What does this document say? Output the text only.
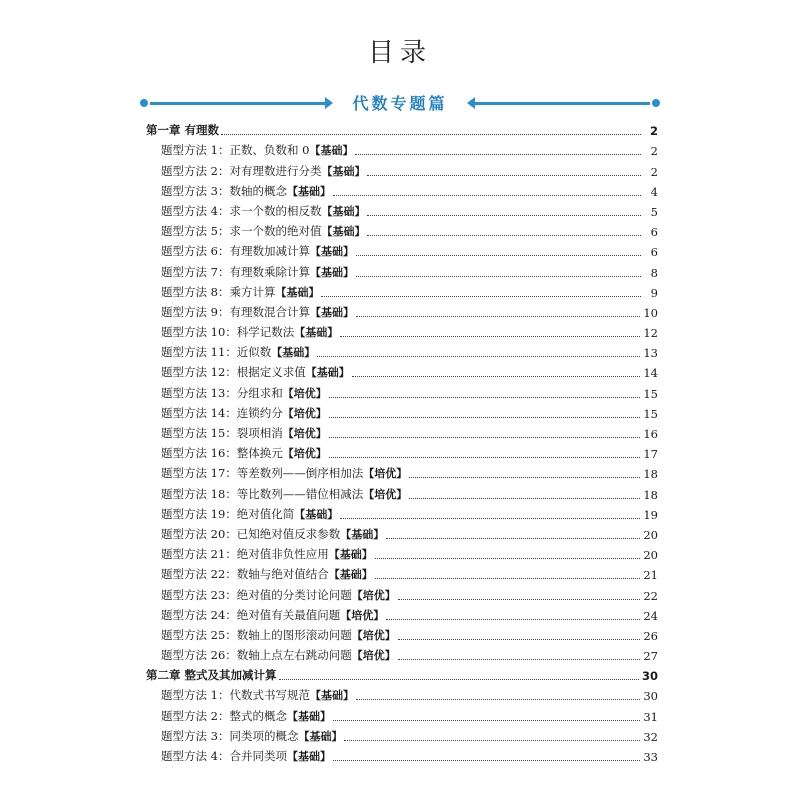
目录
代数专题篇
第一章 有理数	2
题型方法 1：正数、负数和 0 【基础】	2
题型方法 2：对有理数进行分类 【基础】	2
题型方法 3：数轴的概念 【基础】	4
题型方法 4：求一个数的相反数 【基础】	5
题型方法 5：求一个数的绝对值 【基础】	6
题型方法 6：有理数加减计算 【基础】	6
题型方法 7：有理数乘除计算 【基础】	8
题型方法 8：乘方计算 【基础】	9
题型方法 9：有理数混合计算 【基础】	10
题型方法 10：科学记数法 【基础】	12
题型方法 11：近似数 【基础】	13
题型方法 12：根据定义求值 【基础】	14
题型方法 13：分组求和 【培优】	15
题型方法 14：连锁约分 【培优】	15
题型方法 15：裂项相消 【培优】	16
题型方法 16：整体换元 【培优】	17
题型方法 17：等差数列——倒序相加法 【培优】	18
题型方法 18：等比数列——错位相减法 【培优】	18
题型方法 19：绝对值化简 【基础】	19
题型方法 20：已知绝对值反求参数 【基础】	20
题型方法 21：绝对值非负性应用 【基础】	20
题型方法 22：数轴与绝对值结合 【基础】	21
题型方法 23：绝对值的分类讨论问题 【培优】	22
题型方法 24：绝对值有关最值问题 【培优】	24
题型方法 25：数轴上的图形滚动问题 【培优】	26
题型方法 26：数轴上点左右跳动问题 【培优】	27
第二章 整式及其加减计算	30
题型方法 1：代数式书写规范 【基础】	30
题型方法 2：整式的概念 【基础】	31
题型方法 3：同类项的概念 【基础】	32
题型方法 4：合并同类项 【基础】	33
